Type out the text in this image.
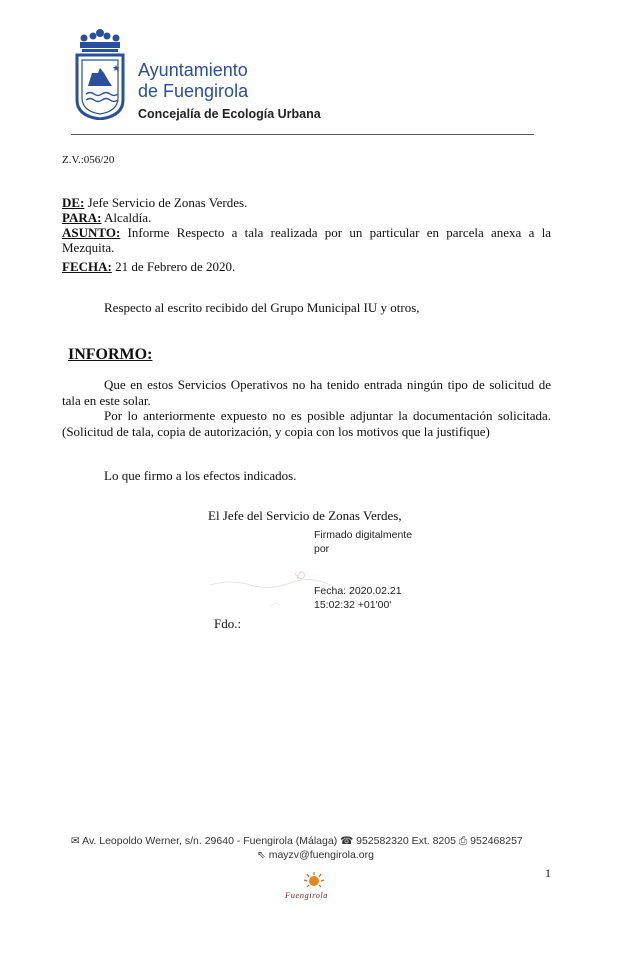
★ Ayuntamiento
de Fuengirola
Concejalía de Ecología Urbana
Z.V.:056/20
DE: Jefe Servicio de Zonas Verdes.
PARA: Alcaldía.
ASUNTO: Informe Respecto a tala realizada por un particular en parcela anexa a la Mezquita.
FECHA: 21 de Febrero de 2020.
Respecto al escrito recibido del Grupo Municipal IU y otros,
INFORMO:
Que en estos Servicios Operativos no ha tenido entrada ningún tipo de solicitud de tala en este solar.
Por lo anteriormente expuesto no es posible adjuntar la documentación solicitada. (Solicitud de tala, copia de autorización, y copia con los motivos que la justifique)
Lo que firmo a los efectos indicados.
El Jefe del Servicio de Zonas Verdes,
Firmado digitalmente
por
Fecha: 2020.02.21
15:02:32 +01'00'
Fdo.:
✉ Av. Leopoldo Werner, s/n. 29640 - Fuengirola (Málaga) ☎ 952582320 Ext. 8205 ⎙ 952468257
⇖ mayzv@fuengirola.org
1
Fuengirola
